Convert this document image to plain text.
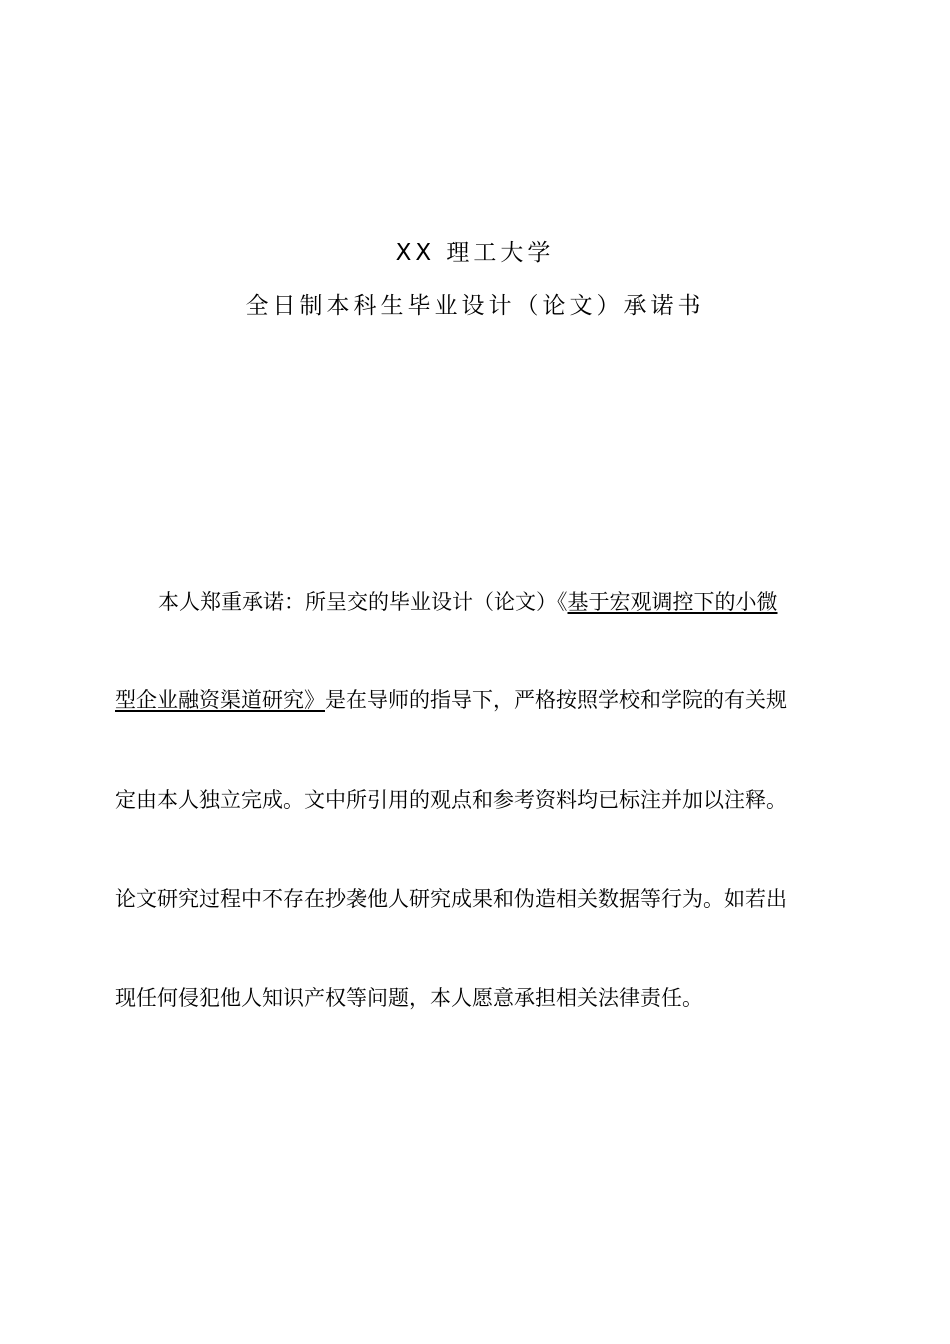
XX 理工大学
全日制本科生毕业设计（论文）承诺书
本人郑重承诺：所呈交的毕业设计（论文）《基于宏观调控下的小微
型企业融资渠道研究》是在导师的指导下，严格按照学校和学院的有关规
定由本人独立完成。文中所引用的观点和参考资料均已标注并加以注释。
论文研究过程中不存在抄袭他人研究成果和伪造相关数据等行为。如若出
现任何侵犯他人知识产权等问题，本人愿意承担相关法律责任。
